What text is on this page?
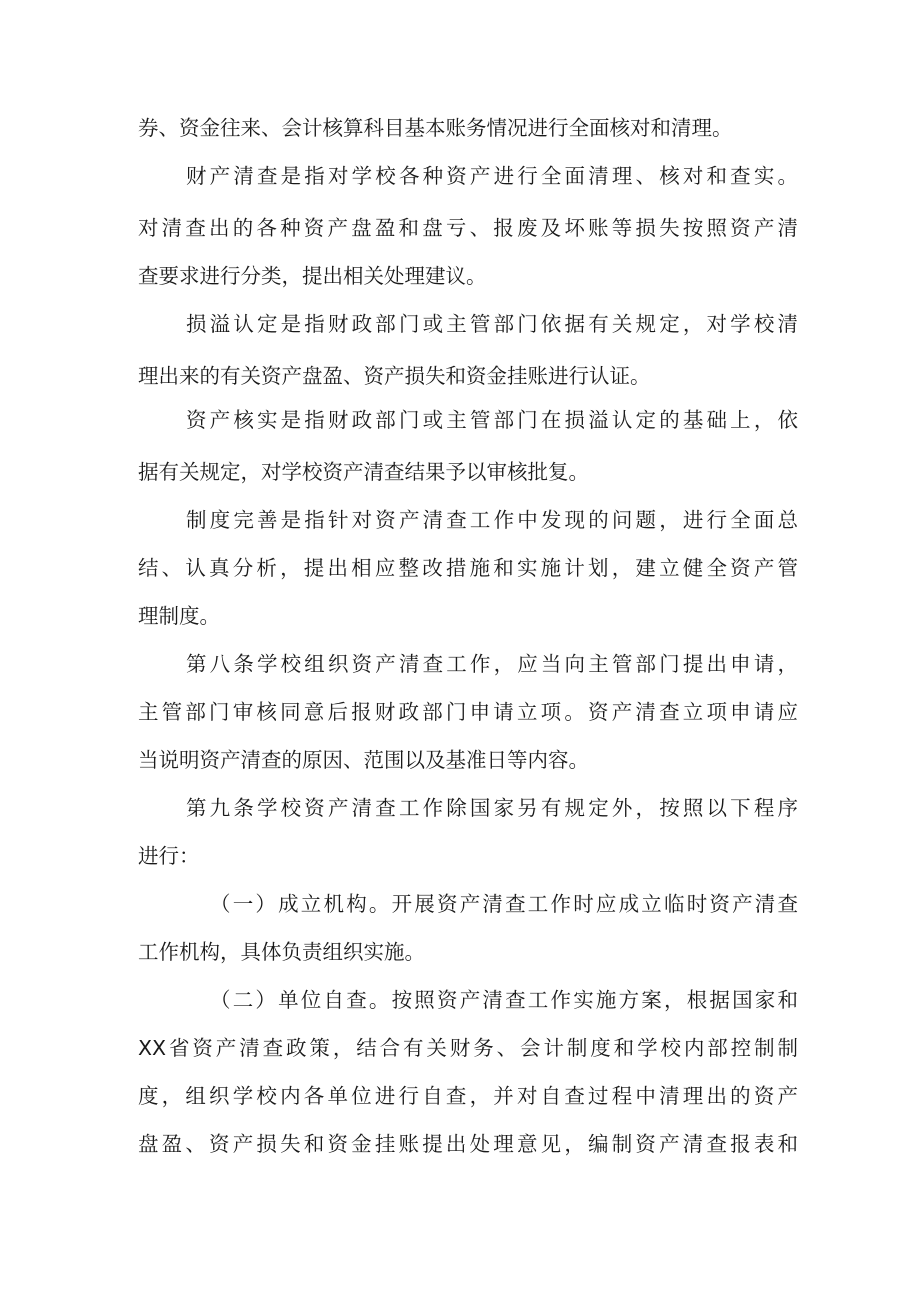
券、资金往来、会计核算科目基本账务情况进行全面核对和清理。
财产清查是指对学校各种资产进行全面清理、核对和查实。
对清查出的各种资产盘盈和盘亏、报废及坏账等损失按照资产清
查要求进行分类，提出相关处理建议。
损溢认定是指财政部门或主管部门依据有关规定，对学校清
理出来的有关资产盘盈、资产损失和资金挂账进行认证。
资产核实是指财政部门或主管部门在损溢认定的基础上，依
据有关规定，对学校资产清查结果予以审核批复。
制度完善是指针对资产清查工作中发现的问题，进行全面总
结、认真分析，提出相应整改措施和实施计划，建立健全资产管
理制度。
第八条学校组织资产清查工作，应当向主管部门提出申请，
主管部门审核同意后报财政部门申请立项。资产清查立项申请应
当说明资产清查的原因、范围以及基准日等内容。
第九条学校资产清查工作除国家另有规定外，按照以下程序
进行：
（一）成立机构。开展资产清查工作时应成立临时资产清查
工作机构，具体负责组织实施。
（二）单位自查。按照资产清查工作实施方案，根据国家和
XX省资产清查政策，结合有关财务、会计制度和学校内部控制制
度，组织学校内各单位进行自查，并对自查过程中清理出的资产
盘盈、资产损失和资金挂账提出处理意见，编制资产清查报表和
